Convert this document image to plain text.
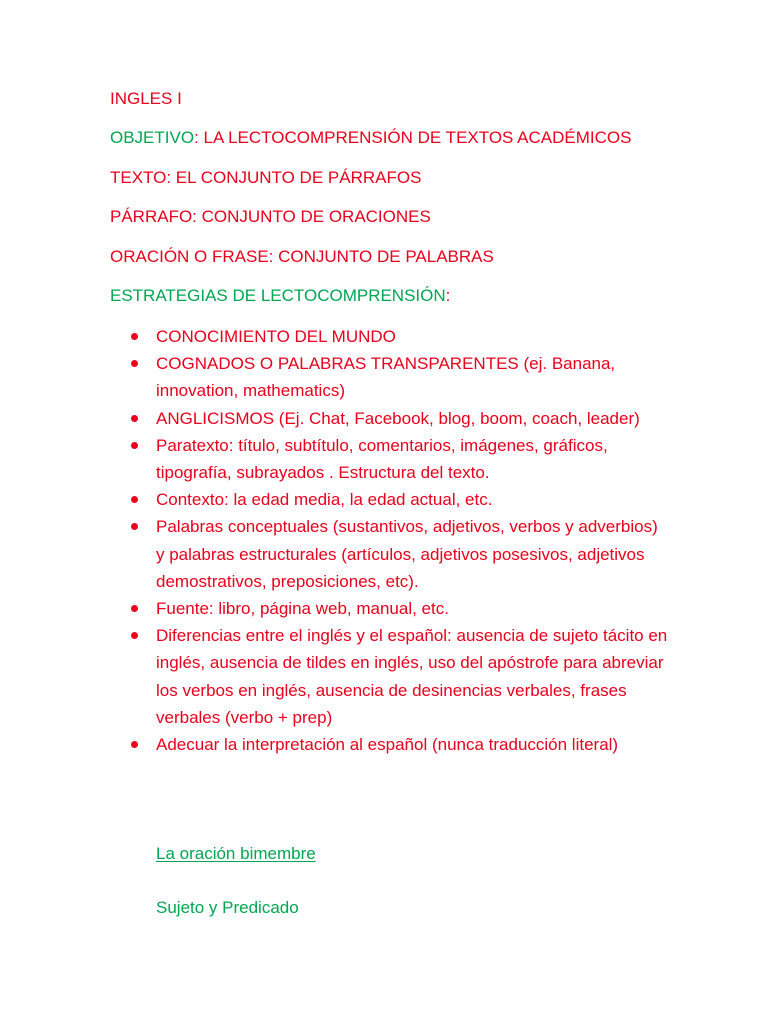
INGLES I

OBJETIVO: LA LECTOCOMPRENSIÓN DE TEXTOS ACADÉMICOS

TEXTO: EL CONJUNTO DE PÁRRAFOS

PÁRRAFO: CONJUNTO DE ORACIONES

ORACIÓN O FRASE: CONJUNTO DE PALABRAS

ESTRATEGIAS DE LECTOCOMPRENSIÓN:

CONOCIMIENTO DEL MUNDO
COGNADOS O PALABRAS TRANSPARENTES (ej. Banana, innovation, mathematics)
ANGLICISMOS (Ej. Chat, Facebook, blog, boom, coach, leader)
Paratexto: título, subtítulo, comentarios, imágenes, gráficos, tipografía, subrayados . Estructura del texto.
Contexto: la edad media, la edad actual, etc.
Palabras conceptuales (sustantivos, adjetivos, verbos y adverbios) y palabras estructurales (artículos, adjetivos posesivos, adjetivos demostrativos, preposiciones, etc).
Fuente: libro, página web, manual, etc.
Diferencias entre el inglés y el español: ausencia de sujeto tácito en inglés, ausencia de tildes en inglés, uso del apóstrofe para abreviar los verbos en inglés, ausencia de desinencias verbales, frases verbales (verbo + prep)
Adecuar la interpretación al español (nunca traducción literal)

La oración bimembre

Sujeto y Predicado
